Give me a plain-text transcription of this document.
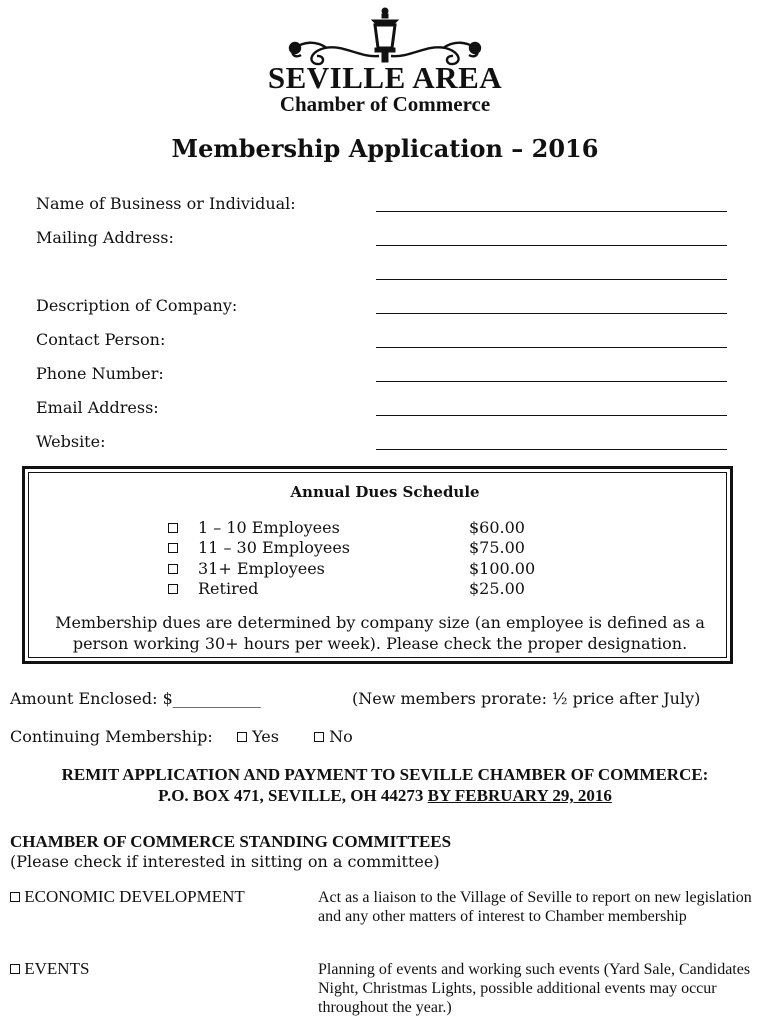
SEVILLE AREA
Chamber of Commerce
Membership Application – 2016
Name of Business or Individual:
Mailing Address:
Description of Company:
Contact Person:
Phone Number:
Email Address:
Website:
Annual Dues Schedule
1 – 10 Employees	$60.00
11 – 30 Employees	$75.00
31+ Employees	$100.00
Retired	$25.00
Membership dues are determined by company size (an employee is defined as a person working 30+ hours per week). Please check the proper designation.
Amount Enclosed: $___________	(New members prorate: ½ price after July)
Continuing Membership:	Yes	No
REMIT APPLICATION AND PAYMENT TO SEVILLE CHAMBER OF COMMERCE:
P.O. BOX 471, SEVILLE, OH 44273 BY FEBRUARY 29, 2016
CHAMBER OF COMMERCE STANDING COMMITTEES
(Please check if interested in sitting on a committee)
ECONOMIC DEVELOPMENT	Act as a liaison to the Village of Seville to report on new legislation and any other matters of interest to Chamber membership
EVENTS	Planning of events and working such events (Yard Sale, Candidates Night, Christmas Lights, possible additional events may occur throughout the year.)
